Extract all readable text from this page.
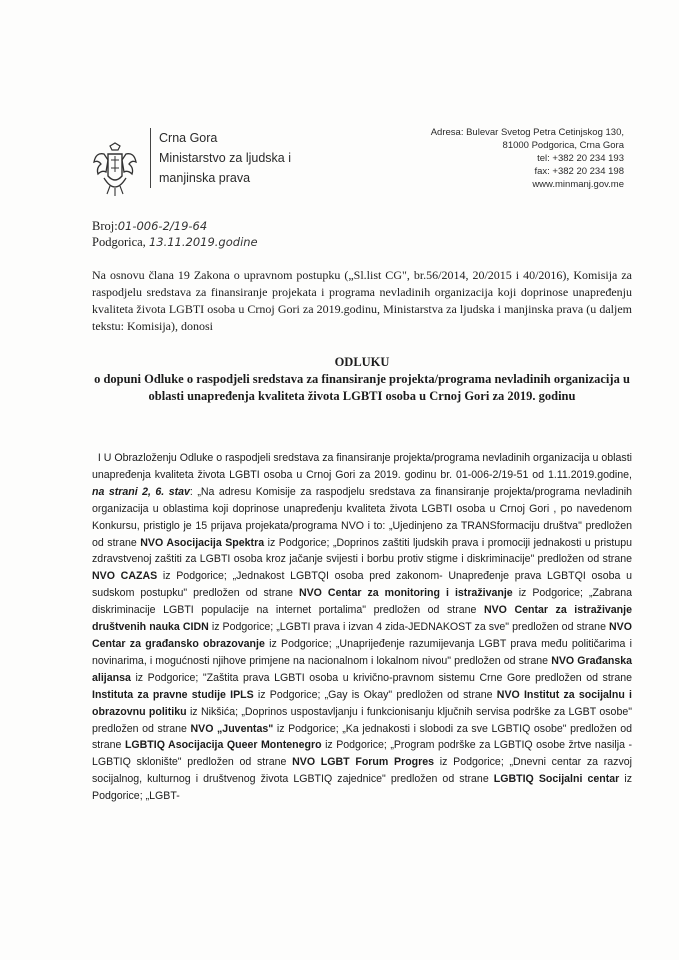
Crna Gora
Ministarstvo za ljudska i
manjinska prava
Adresa: Bulevar Svetog Petra Cetinjskog 130,
81000 Podgorica, Crna Gora
tel: +382 20 234 193
fax: +382 20 234 198
www.minmanj.gov.me
Broj:01-006-2/19-64
Podgorica, 13.11.2019.godine
Na osnovu člana 19 Zakona o upravnom postupku („Sl.list CG", br.56/2014, 20/2015 i 40/2016), Komisija za raspodjelu sredstava za finansiranje projekata i programa nevladinih organizacija koji doprinose unapređenju kvaliteta života LGBTI osoba u Crnoj Gori za 2019.godinu, Ministarstva za ljudska i manjinska prava (u daljem tekstu: Komisija), donosi
ODLUKU
o dopuni Odluke o raspodjeli sredstava za finansiranje projekta/programa nevladinih organizacija u oblasti unapređenja kvaliteta života LGBTI osoba u Crnoj Gori za 2019. godinu

I U Obrazloženju Odluke o raspodjeli sredstava za finansiranje projekta/programa nevladinih organizacija u oblasti unapređenja kvaliteta života LGBTI osoba u Crnoj Gori za 2019. godinu br. 01-006-2/19-51 od 1.11.2019.godine, na strani 2, 6. stav: „Na adresu Komisije za raspodjelu sredstava za finansiranje projekta/programa nevladinih organizacija u oblastima koji doprinose unapređenju kvaliteta života LGBTI osoba u Crnoj Gori , po navedenom Konkursu, pristiglo je 15 prijava projekata/programa NVO i to: „Ujedinjeno za TRANSformaciju društva" predložen od strane NVO Asocijacija Spektra iz Podgorice; „Doprinos zaštiti ljudskih prava i promociji jednakosti u pristupu zdravstvenoj zaštiti za LGBTI osoba kroz jačanje svijesti i borbu protiv stigme i diskriminacije" predložen od strane NVO CAZAS iz Podgorice; „Jednakost LGBTQI osoba pred zakonom- Unapređenje prava LGBTQI osoba u sudskom postupku" predložen od strane NVO Centar za monitoring i istraživanje iz Podgorice; „Zabrana diskriminacije LGBTI populacije na internet portalima" predložen od strane NVO Centar za istraživanje društvenih nauka CIDN iz Podgorice; „LGBTI prava i izvan 4 zida-JEDNAKOST za sve" predložen od strane NVO Centar za građansko obrazovanje iz Podgorice; „Unaprijeđenje razumijevanja LGBT prava među političarima i novinarima, i mogućnosti njihove primjene na nacionalnom i lokalnom nivou" predložen od strane NVO Građanska alijansa iz Podgorice; "Zaštita prava LGBTI osoba u krivično-pravnom sistemu Crne Gore predložen od strane Instituta za pravne studije IPLS iz Podgorice; „Gay is Okay" predložen od strane NVO Institut za socijalnu i obrazovnu politiku iz Nikšića; „Doprinos uspostavljanju i funkcionisanju ključnih servisa podrške za LGBT osobe" predložen od strane NVO „Juventas" iz Podgorice; „Ka jednakosti i slobodi za sve LGBTIQ osobe" predložen od strane LGBTIQ Asocijacija Queer Montenegro iz Podgorice; „Program podrške za LGBTIQ osobe žrtve nasilja - LGBTIQ sklonište" predložen od strane NVO LGBT Forum Progres iz Podgorice; „Dnevni centar za razvoj socijalnog, kulturnog i društvenog života LGBTIQ zajednice" predložen od strane LGBTIQ Socijalni centar iz Podgorice; „LGBT-
